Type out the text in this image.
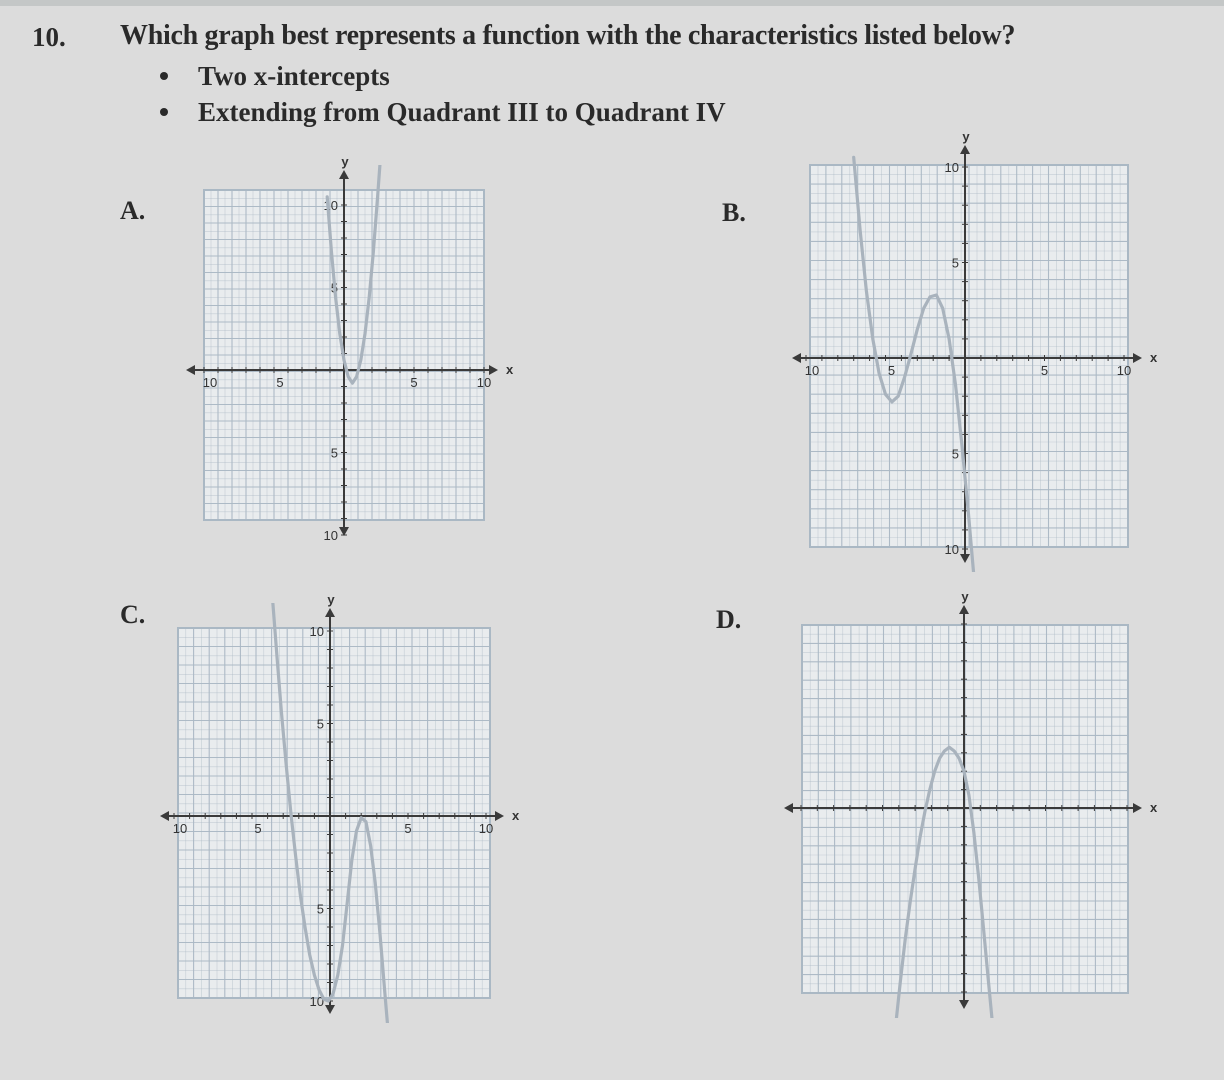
10. Which graph best represents a function with the characteristics listed below?
Two x-intercepts
Extending from Quadrant III to Quadrant IV
A.	B.
C.	D.
10	5	5	10
10
5
5
10
x
y
10	5	5	10
10
5
5
10
x
y
10	5	5	10
10
5
5
10
x
y
x
y
